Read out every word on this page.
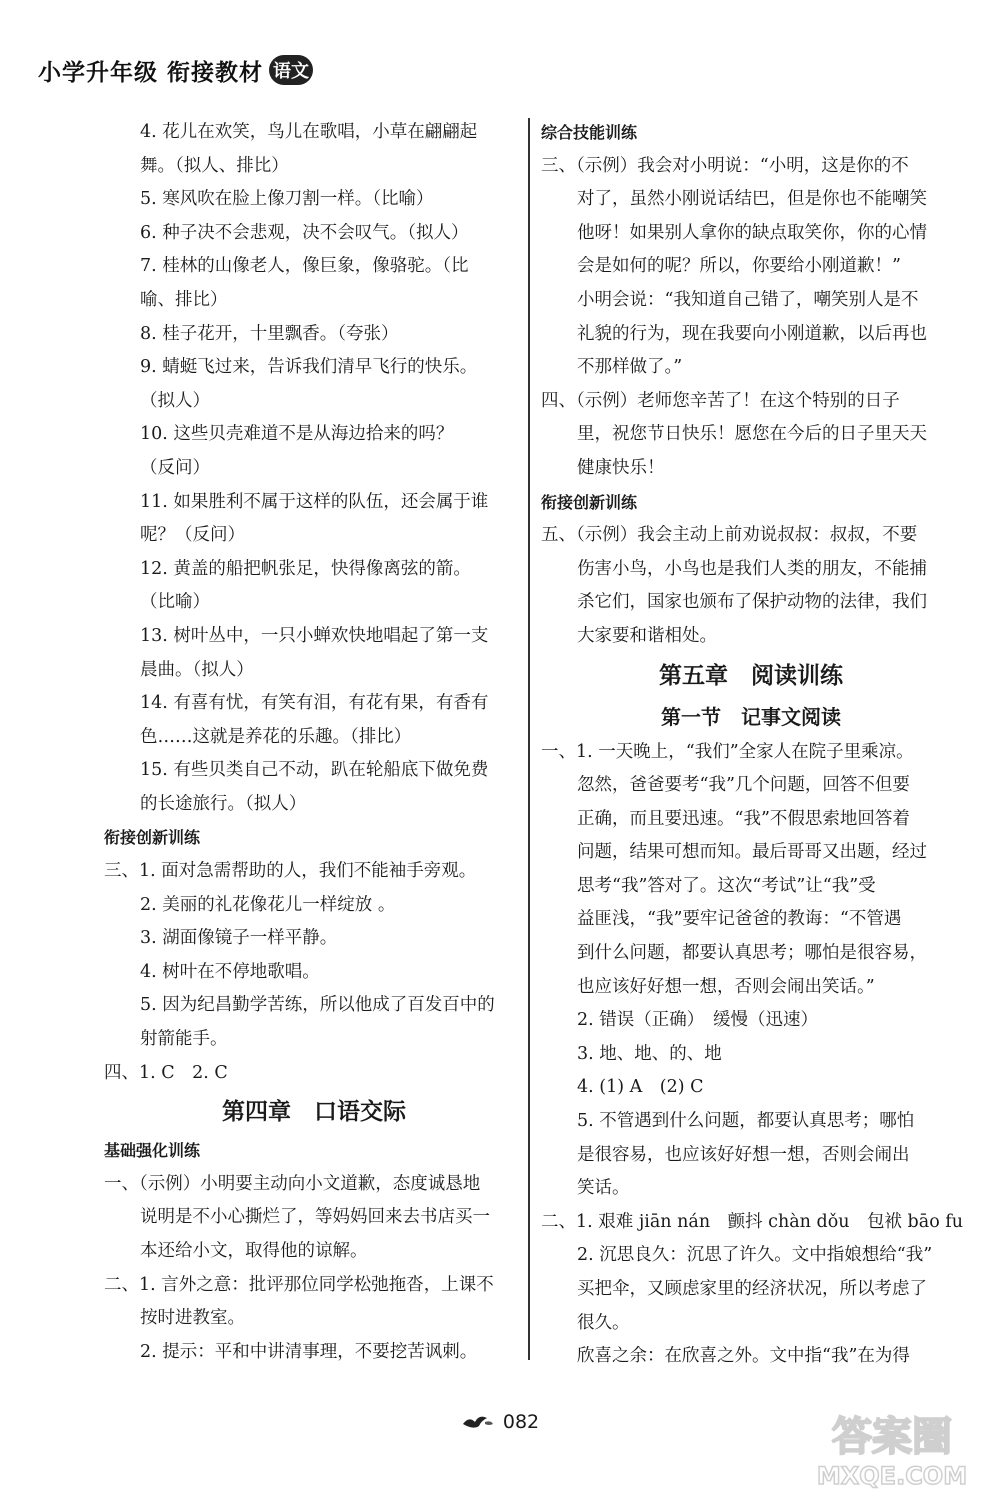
小学升年级 衔接教材 语文
4. 花儿在欢笑，鸟儿在歌唱，小草在翩翩起
舞。（拟人、排比）
5. 寒风吹在脸上像刀割一样。（比喻）
6. 种子决不会悲观，决不会叹气。（拟人）
7. 桂林的山像老人，像巨象，像骆驼。（比
喻、排比）
8. 桂子花开，十里飘香。（夸张）
9. 蜻蜓飞过来，告诉我们清早飞行的快乐。
（拟人）
10. 这些贝壳难道不是从海边拾来的吗？
（反问）
11. 如果胜利不属于这样的队伍，还会属于谁
呢？（反问）
12. 黄盖的船把帆张足，快得像离弦的箭。
（比喻）
13. 树叶丛中，一只小蝉欢快地唱起了第一支
晨曲。（拟人）
14. 有喜有忧，有笑有泪，有花有果，有香有
色……这就是养花的乐趣。（排比）
15. 有些贝类自己不动，趴在轮船底下做免费
的长途旅行。（拟人）
衔接创新训练
三、1. 面对急需帮助的人，我们不能袖手旁观。
2. 美丽的礼花像花儿一样绽放 。
3. 湖面像镜子一样平静。
4. 树叶在不停地歌唱。
5. 因为纪昌勤学苦练，所以他成了百发百中的
射箭能手。
四、1. C　2. C
第四章　口语交际
基础强化训练
一、（示例）小明要主动向小文道歉，态度诚恳地
说明是不小心撕烂了，等妈妈回来去书店买一
本还给小文，取得他的谅解。
二、1. 言外之意：批评那位同学松弛拖沓，上课不
按时进教室。
2. 提示：平和中讲清事理，不要挖苦讽刺。
综合技能训练
三、（示例）我会对小明说：“小明，这是你的不
对了，虽然小刚说话结巴，但是你也不能嘲笑
他呀！如果别人拿你的缺点取笑你，你的心情
会是如何的呢？所以，你要给小刚道歉！”
小明会说：“我知道自己错了，嘲笑别人是不
礼貌的行为，现在我要向小刚道歉，以后再也
不那样做了。”
四、（示例）老师您辛苦了！在这个特别的日子
里，祝您节日快乐！愿您在今后的日子里天天
健康快乐！
衔接创新训练
五、（示例）我会主动上前劝说叔叔：叔叔，不要
伤害小鸟，小鸟也是我们人类的朋友，不能捕
杀它们，国家也颁布了保护动物的法律，我们
大家要和谐相处。
第五章　阅读训练
第一节　记事文阅读
一、1. 一天晚上，“我们”全家人在院子里乘凉。
忽然，爸爸要考“我”几个问题，回答不但要
正确，而且要迅速。“我”不假思索地回答着
问题，结果可想而知。最后哥哥又出题，经过
思考“我”答对了。这次“考试”让“我”受
益匪浅，“我”要牢记爸爸的教诲：“不管遇
到什么问题，都要认真思考；哪怕是很容易，
也应该好好想一想，否则会闹出笑话。”
2. 错误（正确）　缓慢（迅速）
3. 地、地、的、地
4. (1) A　(2) C
5. 不管遇到什么问题，都要认真思考；哪怕
是很容易，也应该好好想一想，否则会闹出
笑话。
二、1. 艰难 jiān nán　颤抖 chàn dǒu　包袱 bāo fu
2. 沉思良久：沉思了许久。文中指娘想给“我”
买把伞，又顾虑家里的经济状况，所以考虑了
很久。
欣喜之余：在欣喜之外。文中指“我”在为得
082	答案圈
MXQE.COM
